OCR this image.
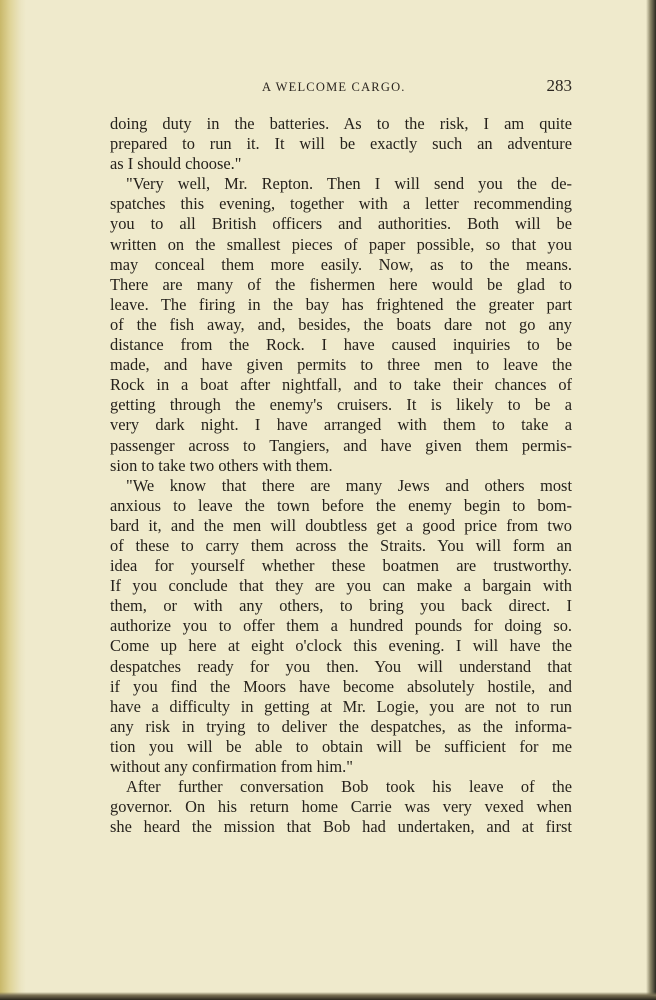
A WELCOME CARGO.	283
doing duty in the batteries. As to the risk, I am quite
prepared to run it. It will be exactly such an adventure
as I should choose."
"Very well, Mr. Repton. Then I will send you the de-
spatches this evening, together with a letter recommending
you to all British officers and authorities. Both will be
written on the smallest pieces of paper possible, so that you
may conceal them more easily. Now, as to the means.
There are many of the fishermen here would be glad to
leave. The firing in the bay has frightened the greater part
of the fish away, and, besides, the boats dare not go any
distance from the Rock. I have caused inquiries to be
made, and have given permits to three men to leave the
Rock in a boat after nightfall, and to take their chances of
getting through the enemy's cruisers. It is likely to be a
very dark night. I have arranged with them to take a
passenger across to Tangiers, and have given them permis-
sion to take two others with them.
"We know that there are many Jews and others most
anxious to leave the town before the enemy begin to bom-
bard it, and the men will doubtless get a good price from two
of these to carry them across the Straits. You will form an
idea for yourself whether these boatmen are trustworthy.
If you conclude that they are you can make a bargain with
them, or with any others, to bring you back direct. I
authorize you to offer them a hundred pounds for doing so.
Come up here at eight o'clock this evening. I will have the
despatches ready for you then. You will understand that
if you find the Moors have become absolutely hostile, and
have a difficulty in getting at Mr. Logie, you are not to run
any risk in trying to deliver the despatches, as the informa-
tion you will be able to obtain will be sufficient for me
without any confirmation from him."
After further conversation Bob took his leave of the
governor. On his return home Carrie was very vexed when
she heard the mission that Bob had undertaken, and at first
